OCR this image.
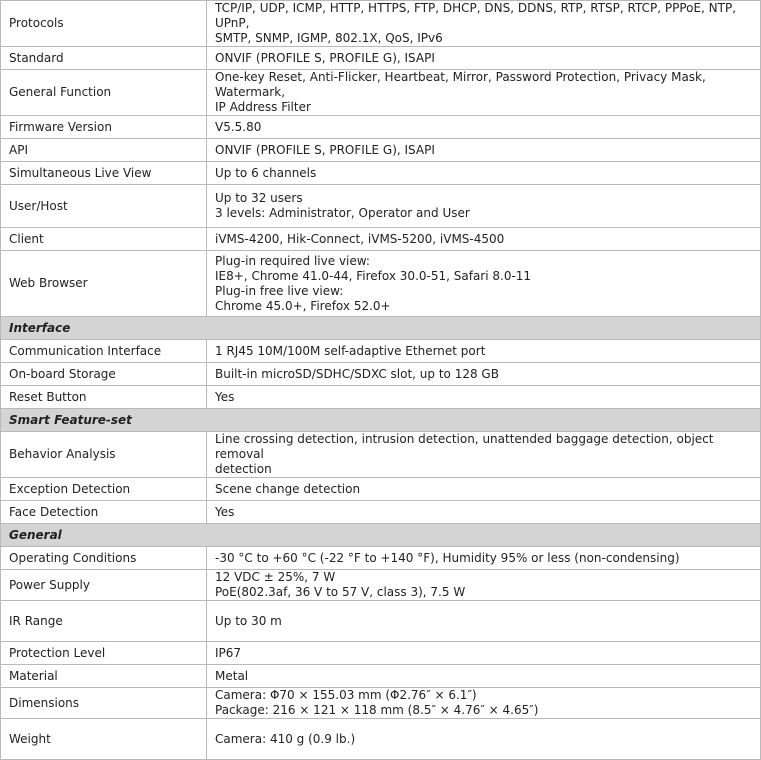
Protocols	TCP/IP, UDP, ICMP, HTTP, HTTPS, FTP, DHCP, DNS, DDNS, RTP, RTSP, RTCP, PPPoE, NTP, UPnP,
SMTP, SNMP, IGMP, 802.1X, QoS, IPv6

Standard	ONVIF (PROFILE S, PROFILE G), ISAPI

General Function	One-key Reset, Anti-Flicker, Heartbeat, Mirror, Password Protection, Privacy Mask, Watermark,
IP Address Filter

Firmware Version	V5.5.80

API	ONVIF (PROFILE S, PROFILE G), ISAPI

Simultaneous Live View	Up to 6 channels

User/Host	Up to 32 users
3 levels: Administrator, Operator and User

Client	iVMS-4200, Hik-Connect, iVMS-5200, iVMS-4500

Web Browser	Plug-in required live view:
IE8+, Chrome 41.0-44, Firefox 30.0-51, Safari 8.0-11
Plug-in free live view:
Chrome 45.0+, Firefox 52.0+

Interface	
Communication Interface	1 RJ45 10M/100M self-adaptive Ethernet port

On-board Storage	Built-in microSD/SDHC/SDXC slot, up to 128 GB

Reset Button	Yes

Smart Feature-set	
Behavior Analysis	Line crossing detection, intrusion detection, unattended baggage detection, object removal
detection

Exception Detection	Scene change detection

Face Detection	Yes

General	
Operating Conditions	-30 °C to +60 °C (-22 °F to +140 °F), Humidity 95% or less (non-condensing)

Power Supply	12 VDC ± 25%, 7 W
PoE(802.3af, 36 V to 57 V, class 3), 7.5 W

IR Range	Up to 30 m

Protection Level	IP67

Material	Metal

Dimensions	Camera: Φ70 × 155.03 mm (Φ2.76″ × 6.1″)
Package: 216 × 121 × 118 mm (8.5″ × 4.76″ × 4.65″)

Weight	Camera: 410 g (0.9 lb.)
